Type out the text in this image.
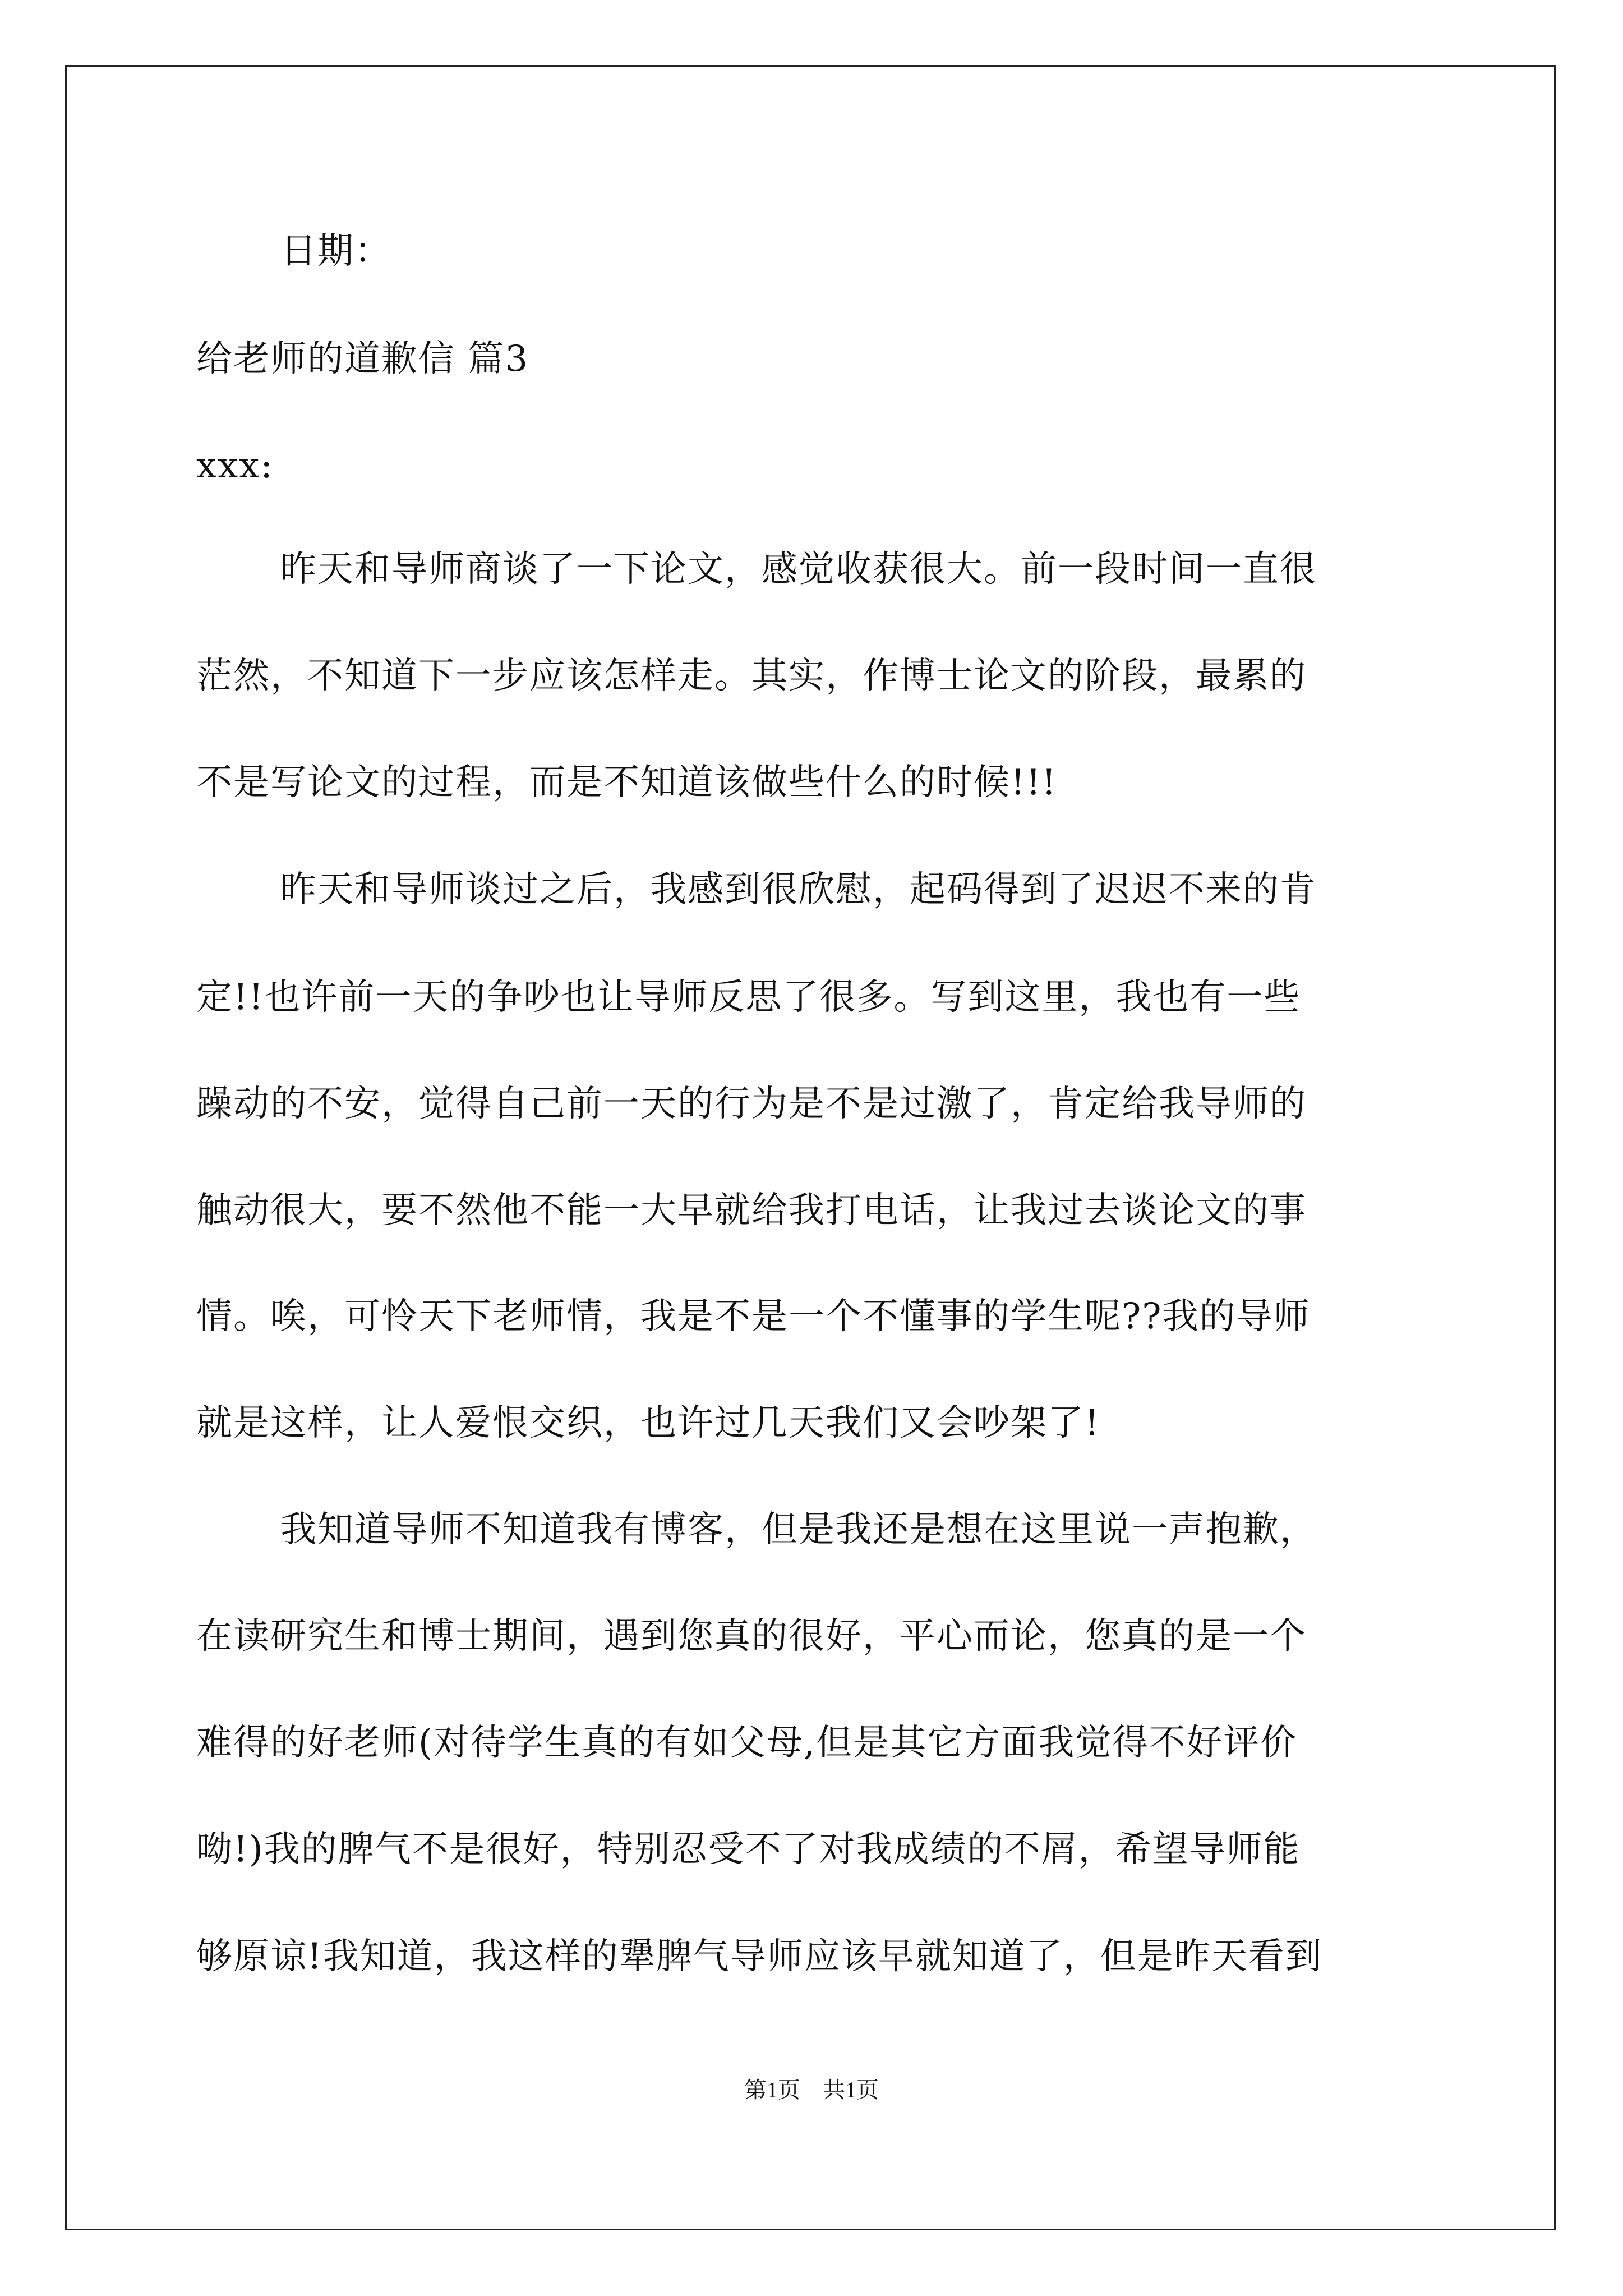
日期：
给老师的道歉信 篇3
xxx:
昨天和导师商谈了一下论文，感觉收获很大。前一段时间一直很
茫然，不知道下一步应该怎样走。其实，作博士论文的阶段，最累的
不是写论文的过程，而是不知道该做些什么的时候!!!
昨天和导师谈过之后，我感到很欣慰，起码得到了迟迟不来的肯
定!!也许前一天的争吵也让导师反思了很多。写到这里，我也有一些
躁动的不安，觉得自己前一天的行为是不是过激了，肯定给我导师的
触动很大，要不然他不能一大早就给我打电话，让我过去谈论文的事
情。唉，可怜天下老师情，我是不是一个不懂事的学生呢??我的导师
就是这样，让人爱恨交织，也许过几天我们又会吵架了!
我知道导师不知道我有博客，但是我还是想在这里说一声抱歉，
在读研究生和博士期间，遇到您真的很好，平心而论，您真的是一个
难得的好老师(对待学生真的有如父母,但是其它方面我觉得不好评价
呦!)我的脾气不是很好，特别忍受不了对我成绩的不屑，希望导师能
够原谅!我知道，我这样的犟脾气导师应该早就知道了，但是昨天看到
第1页　共1页
